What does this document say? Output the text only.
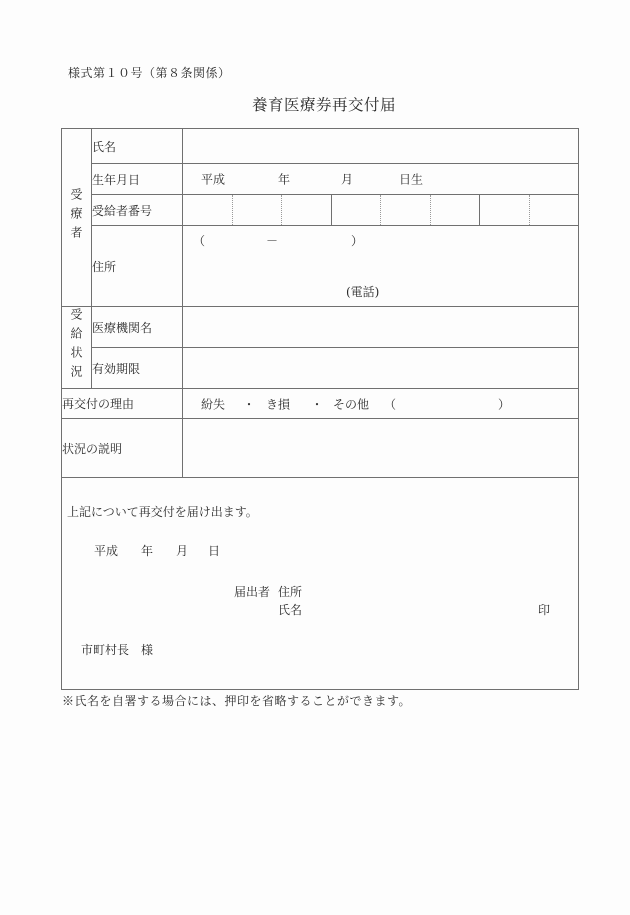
様式第１０号（第８条関係）
養育医療券再交付届
受療者	氏名	
	生年月日	平成 年 月 日生

	受給者番号	

	住所	（ － ）
(電話)

受給状況	医療機関名	
	有効期限	
再交付の理由	紛失 ・ き損 ・ その他 （	）

状況の説明		

上記について再交付を届け出ます。
平成 年 月 日
届出者 住所
氏名	印
市町村長　様
※氏名を自署する場合には、押印を省略することができます。
